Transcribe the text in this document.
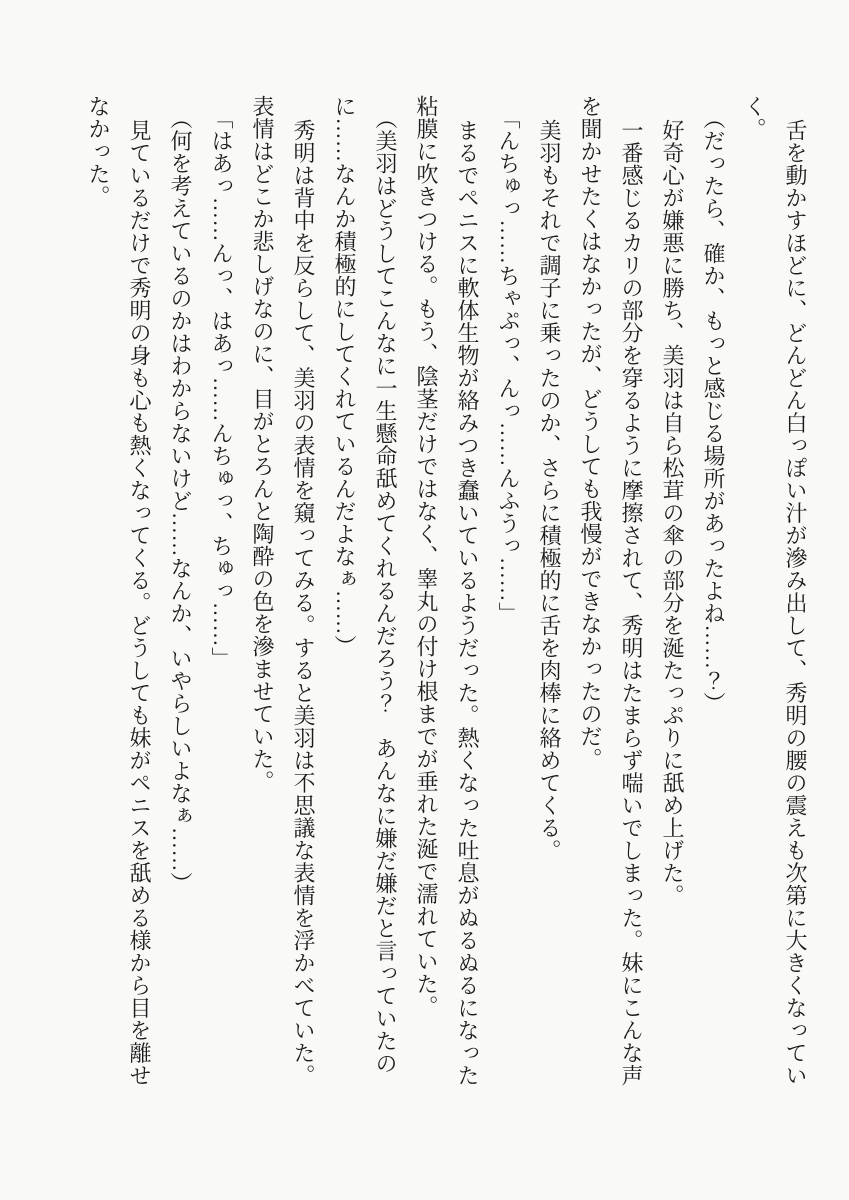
舌を動かすほどに、どんどん白っぽい汁が滲み出して、秀明の腰の震えも次第に大きくなってい
く。
（だったら、確か、もっと感じる場所があったよね……？）
好奇心が嫌悪に勝ち、美羽は自ら松茸の傘の部分を涎たっぷりに舐め上げた。
一番感じるカリの部分を穿るように摩擦されて、秀明はたまらず喘いでしまった。妹にこんな声
を聞かせたくはなかったが、どうしても我慢ができなかったのだ。
美羽もそれで調子に乗ったのか、さらに積極的に舌を肉棒に絡めてくる。
「んちゅっ……ちゃぷっ、んっ……んふうっ……」
まるでペニスに軟体生物が絡みつき蠢いているようだった。熱くなった吐息がぬるぬるになった
粘膜に吹きつける。もう、陰茎だけではなく、睾丸の付け根までが垂れた涎で濡れていた。
（美羽はどうしてこんなに一生懸命舐めてくれるんだろう？　あんなに嫌だ嫌だと言っていたの
に……なんか積極的にしてくれているんだよなぁ……）
秀明は背中を反らして、美羽の表情を窺ってみる。すると美羽は不思議な表情を浮かべていた。
表情はどこか悲しげなのに、目がとろんと陶酔の色を滲ませていた。
「はあっ……んっ、はあっ……んちゅっ、ちゅっ……」
（何を考えているのかはわからないけど……なんか、いやらしいよなぁ……）
見ているだけで秀明の身も心も熱くなってくる。どうしても妹がペニスを舐める様から目を離せ
なかった。
